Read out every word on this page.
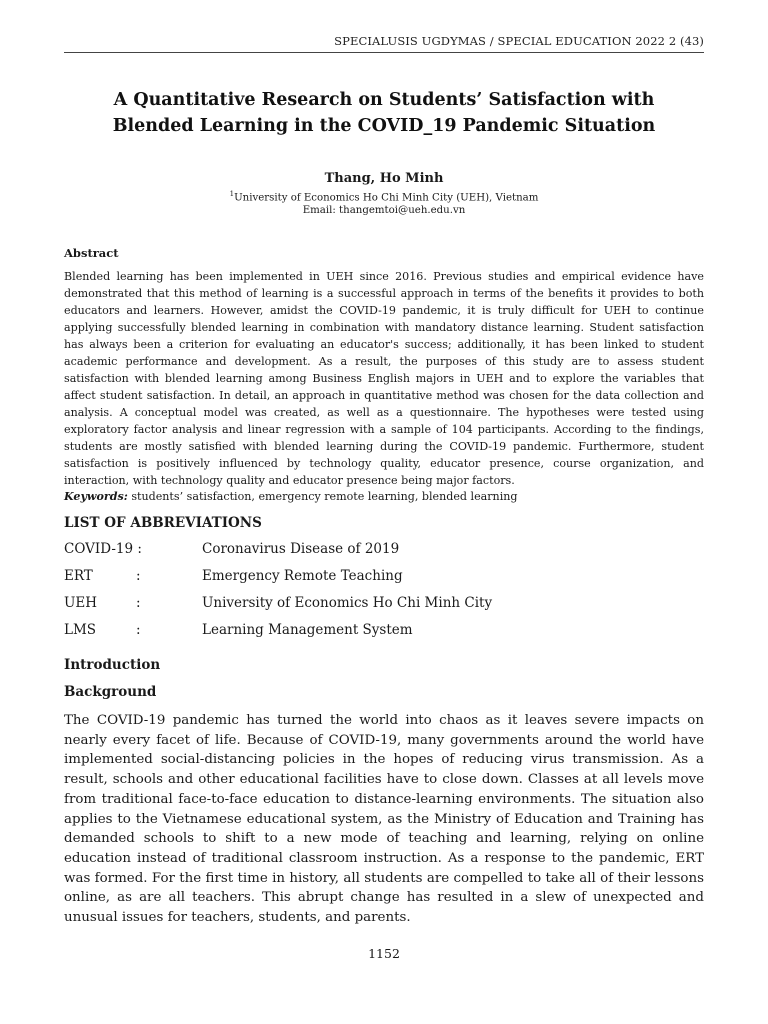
SPECIALUSIS UGDYMAS / SPECIAL EDUCATION 2022 2 (43)
A Quantitative Research on Students’ Satisfaction with Blended Learning in the COVID_19 Pandemic Situation
Thang, Ho Minh
$^1$University of Economics Ho Chi Minh City (UEH), Vietnam
Email: thangemtoi@ueh.edu.vn
Abstract
Blended learning has been implemented in UEH since 2016. Previous studies and empirical evidence have demonstrated that this method of learning is a successful approach in terms of the benefits it provides to both educators and learners. However, amidst the COVID-19 pandemic, it is truly difficult for UEH to continue applying successfully blended learning in combination with mandatory distance learning. Student satisfaction has always been a criterion for evaluating an educator's success; additionally, it has been linked to student academic performance and development. As a result, the purposes of this study are to assess student satisfaction with blended learning among Business English majors in UEH and to explore the variables that affect student satisfaction. In detail, an approach in quantitative method was chosen for the data collection and analysis. A conceptual model was created, as well as a questionnaire. The hypotheses were tested using exploratory factor analysis and linear regression with a sample of 104 participants. According to the findings, students are mostly satisfied with blended learning during the COVID-19 pandemic. Furthermore, student satisfaction is positively influenced by technology quality, educator presence, course organization, and interaction, with technology quality and educator presence being major factors.
Keywords: students’ satisfaction, emergency remote learning, blended learning
LIST OF ABBREVIATIONS
COVID-19 :	Coronavirus Disease of 2019
ERT	:	Emergency Remote Teaching
UEH	:	University of Economics Ho Chi Minh City
LMS	:	Learning Management System
Introduction
Background
The COVID-19 pandemic has turned the world into chaos as it leaves severe impacts on nearly every facet of life. Because of COVID-19, many governments around the world have implemented social-distancing policies in the hopes of reducing virus transmission. As a result, schools and other educational facilities have to close down. Classes at all levels move from traditional face-to-face education to distance-learning environments. The situation also applies to the Vietnamese educational system, as the Ministry of Education and Training has demanded schools to shift to a new mode of teaching and learning, relying on online education instead of traditional classroom instruction. As a response to the pandemic, ERT was formed. For the first time in history, all students are compelled to take all of their lessons online, as are all teachers. This abrupt change has resulted in a slew of unexpected and unusual issues for teachers, students, and parents.
1152
